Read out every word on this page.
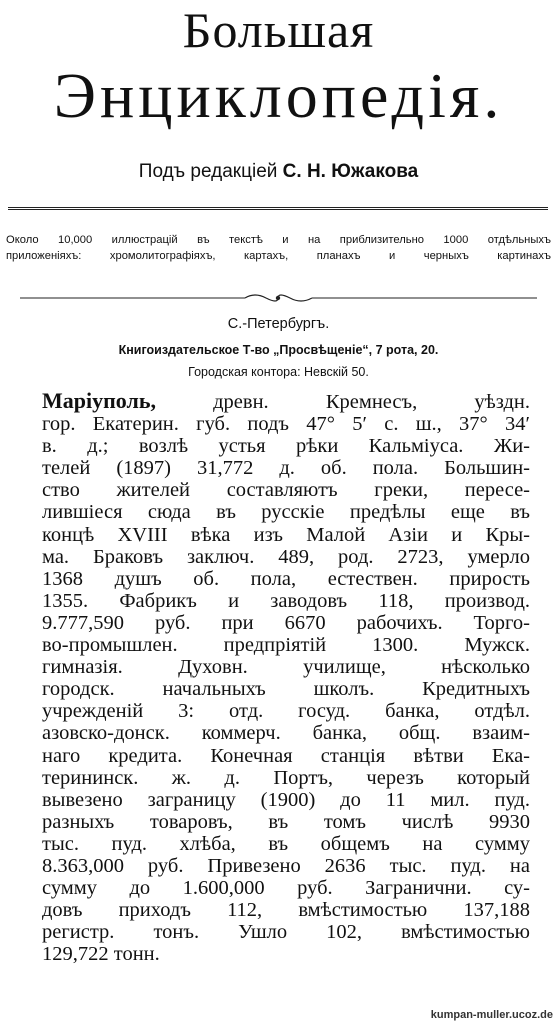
Большая
Энциклопедія.
Подъ редакціей С. Н. Южакова
Около 10,000 иллюстрацій въ текстѣ и на приблизительно 1000 отдѣльныхъ
приложеніяхъ: хромолитографіяхъ, картахъ, планахъ и черныхъ картинахъ
С.-Петербургъ.
Книгоиздательское Т-во „Просвѣщеніе“, 7 рота, 20.
Городская контора: Невскій 50.
Маріуполь, древн. Кремнесъ, уѣздн.
гор. Екатерин. губ. подъ 47° 5′ с. ш., 37° 34′
в. д.; возлѣ устья рѣки Кальміуса. Жи-
телей (1897) 31,772 д. об. пола. Большин-
ство жителей составляютъ греки, пересе-
лившіеся сюда въ русскіе предѣлы еще въ
концѣ XVIII вѣка изъ Малой Азіи и Кры-
ма. Браковъ заключ. 489, род. 2723, умерло
1368 душъ об. пола, естествен. прирость
1355. Фабрикъ и заводовъ 118, производ.
9.777,590 руб. при 6670 рабочихъ. Торго-
во-промышлен. предпріятій 1300. Мужск.
гимназія. Духовн. училище, нѣсколько
городск. начальныхъ школъ. Кредитныхъ
учрежденій 3: отд. госуд. банка, отдѣл.
азовско-донск. коммерч. банка, общ. взаим-
наго кредита. Конечная станція вѣтви Ека-
терининск. ж. д. Портъ, черезъ который
вывезено заграницу (1900) до 11 мил. пуд.
разныхъ товаровъ, въ томъ числѣ 9930
тыс. пуд. хлѣба, въ общемъ на сумму
8.363,000 руб. Привезено 2636 тыс. пуд. на
сумму до 1.600,000 руб. Загранични. су-
довъ приходъ 112, вмѣстимостью 137,188
регистр. тонъ. Ушло 102, вмѣстимостью
129,722 тонн.
kumpan-muller.ucoz.de
